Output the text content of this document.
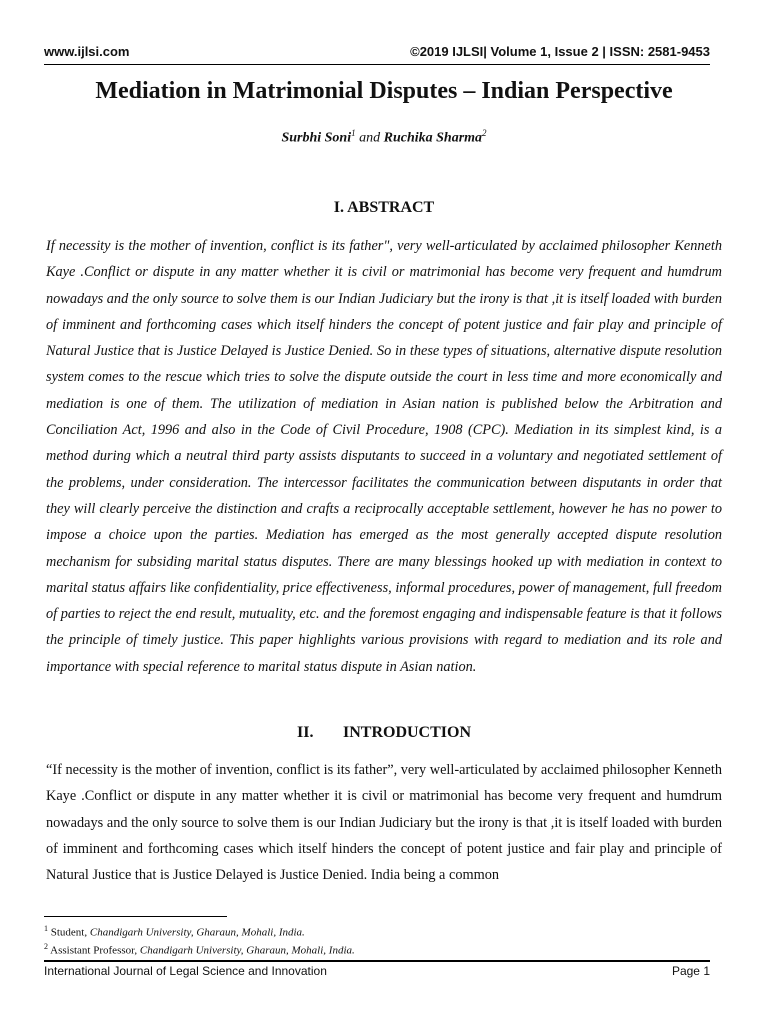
www.ijlsi.com	©2019 IJLSI| Volume 1, Issue 2 | ISSN: 2581-9453
Mediation in Matrimonial Disputes – Indian Perspective
Surbhi Soni$^1$ and Ruchika Sharma$^2$
I. ABSTRACT
If necessity is the mother of invention, conflict is its father", very well-articulated by acclaimed philosopher Kenneth Kaye .Conflict or dispute in any matter whether it is civil or matrimonial has become very frequent and humdrum nowadays and the only source to solve them is our Indian Judiciary but the irony is that ,it is itself loaded with burden of imminent and forthcoming cases which itself hinders the concept of potent justice and fair play and principle of Natural Justice that is Justice Delayed is Justice Denied. So in these types of situations, alternative dispute resolution system comes to the rescue which tries to solve the dispute outside the court in less time and more economically and mediation is one of them. The utilization of mediation in Asian nation is published below the Arbitration and Conciliation Act, 1996 and also in the Code of Civil Procedure, 1908 (CPC). Mediation in its simplest kind, is a method during which a neutral third party assists disputants to succeed in a voluntary and negotiated settlement of the problems, under consideration. The intercessor facilitates the communication between disputants in order that they will clearly perceive the distinction and crafts a reciprocally acceptable settlement, however he has no power to impose a choice upon the parties. Mediation has emerged as the most generally accepted dispute resolution mechanism for subsiding marital status disputes. There are many blessings hooked up with mediation in context to marital status affairs like confidentiality, price effectiveness, informal procedures, power of management, full freedom of parties to reject the end result, mutuality, etc. and the foremost engaging and indispensable feature is that it follows the principle of timely justice. This paper highlights various provisions with regard to mediation and its role and importance with special reference to marital status dispute in Asian nation.
II. INTRODUCTION
“If necessity is the mother of invention, conflict is its father”, very well-articulated by acclaimed philosopher Kenneth Kaye .Conflict or dispute in any matter whether it is civil or matrimonial has become very frequent and humdrum nowadays and the only source to solve them is our Indian Judiciary but the irony is that ,it is itself loaded with burden of imminent and forthcoming cases which itself hinders the concept of potent justice and fair play and principle of Natural Justice that is Justice Delayed is Justice Denied. India being a common
$^1$ Student, Chandigarh University, Gharaun, Mohali, India.
$^2$ Assistant Professor, Chandigarh University, Gharaun, Mohali, India.
International Journal of Legal Science and Innovation	Page 1
